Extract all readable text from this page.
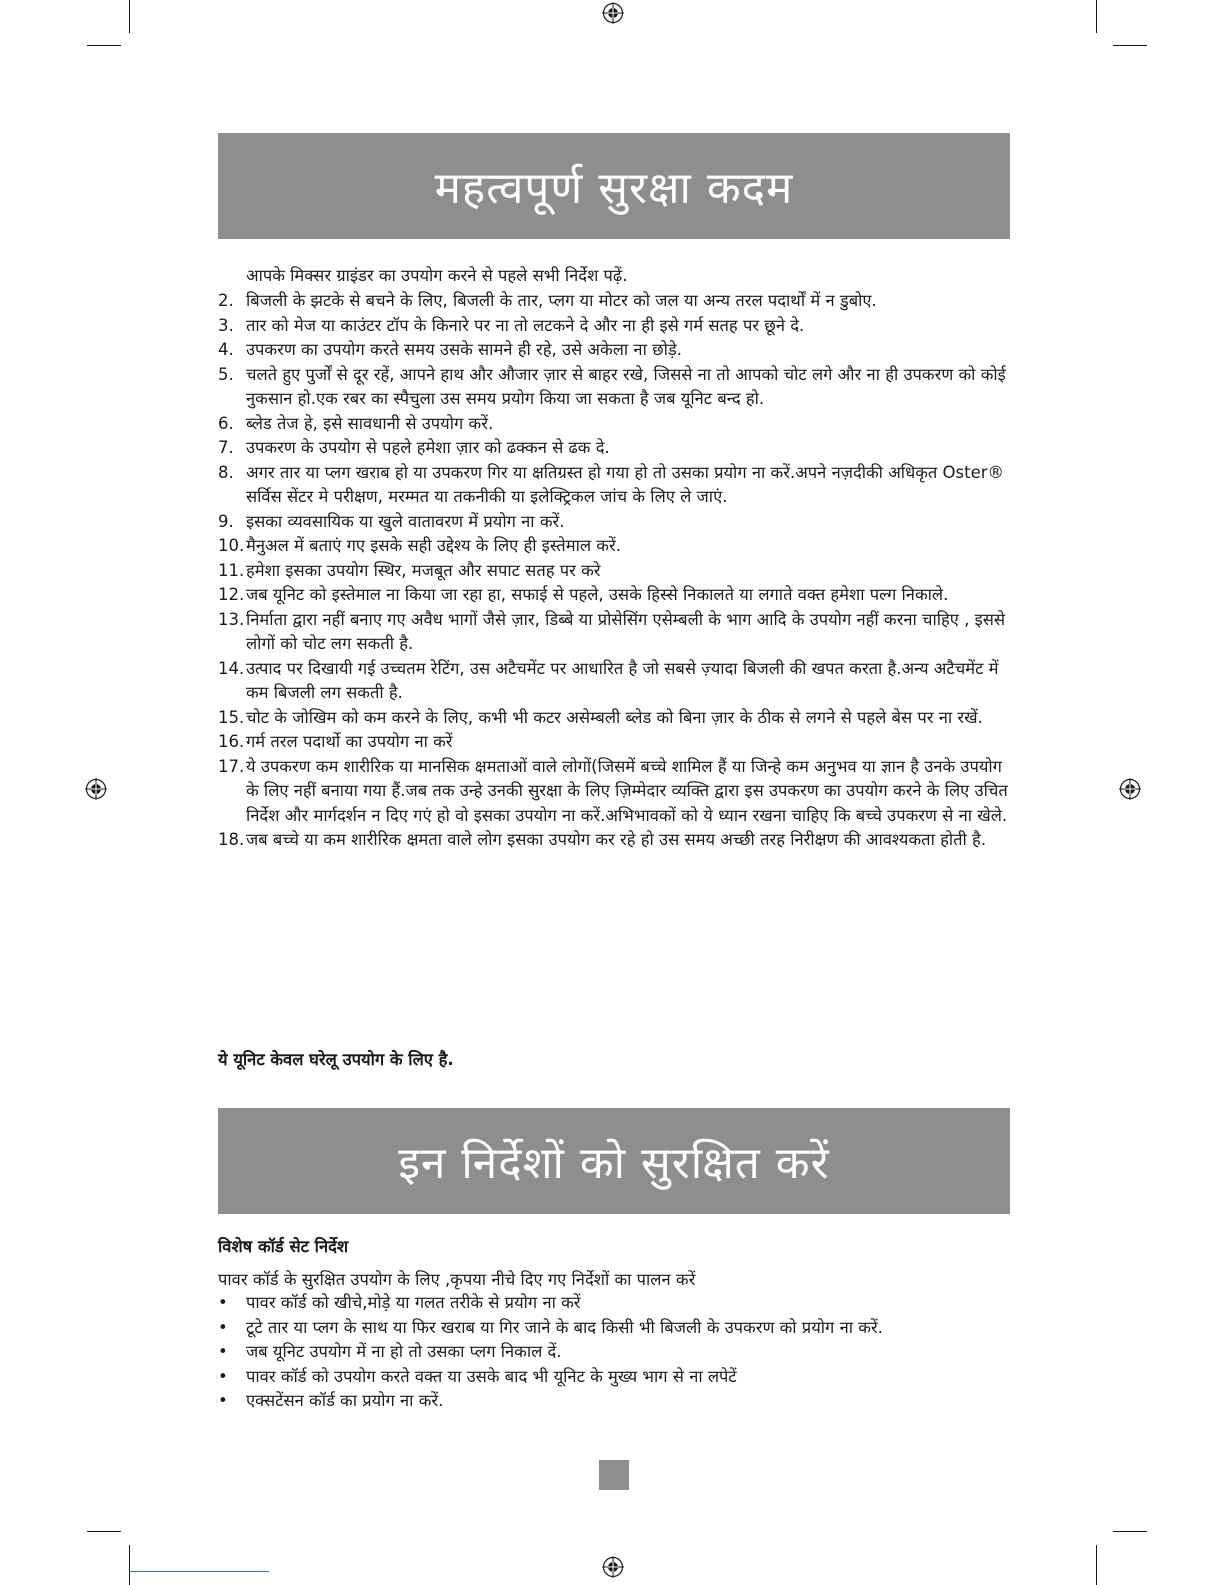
महत्वपूर्ण सुरक्षा कदम
आपके मिक्सर ग्राइंडर का उपयोग करने से पहले सभी निर्देश पढ़ें.
2. बिजली के झटके से बचने के लिए, बिजली के तार, प्लग या मोटर को जल या अन्य तरल पदार्थों में न डुबोए.
3. तार को मेज या काउंटर टॉप के किनारे पर ना तो लटकने दे और ना ही इसे गर्म सतह पर छूने दे.
4. उपकरण का उपयोग करते समय उसके सामने ही रहे, उसे अकेला ना छोड़े.
5. चलते हुए पुर्जों से दूर रहें, आपने हाथ और औजार ज़ार से बाहर रखे, जिससे ना तो आपको चोट लगे और ना ही उपकरण को कोई नुकसान हो.एक रबर का स्पैचुला उस समय प्रयोग किया जा सकता है जब यूनिट बन्द हो.
6. ब्लेड तेज हे, इसे सावधानी से उपयोग करें.
7. उपकरण के उपयोग से पहले हमेशा ज़ार को ढक्कन से ढक दे.
8. अगर तार या प्लग खराब हो या उपकरण गिर या क्षतिग्रस्त हो गया हो तो उसका प्रयोग ना करें.अपने नज़दीकी अधिकृत Oster® सर्विस सेंटर मे परीक्षण, मरम्मत या तकनीकी या इलेक्ट्रिकल जांच के लिए ले जाएं.
9. इसका व्यवसायिक या खुले वातावरण में प्रयोग ना करें.
10. मैनुअल में बताएं गए इसके सही उद्देश्य के लिए ही इस्तेमाल करें.
11. हमेशा इसका उपयोग स्थिर, मजबूत और सपाट सतह पर करे
12. जब यूनिट को इस्तेमाल ना किया जा रहा हा, सफाई से पहले, उसके हिस्से निकालते या लगाते वक्त हमेशा पल्ग निकाले.
13. निर्माता द्वारा नहीं बनाए गए अवैध भागों जैसे ज़ार, डिब्बे या प्रोसेसिंग एसेम्बली के भाग आदि के उपयोग नहीं करना चाहिए , इससे लोगों को चोट लग सकती है.
14. उत्पाद पर दिखायी गई उच्चतम रेटिंग, उस अटैचमेंट पर आधारित है जो सबसे ज़्यादा बिजली की खपत करता है.अन्य अटैचमेंट में कम बिजली लग सकती है.
15. चोट के जोखिम को कम करने के लिए, कभी भी कटर असेम्बली ब्लेड को बिना ज़ार के ठीक से लगने से पहले बेस पर ना रखें.
16. गर्म तरल पदार्थो का उपयोग ना करें
17. ये उपकरण कम शारीरिक या मानसिक क्षमताओं वाले लोगों(जिसमें बच्चे शामिल हैं या जिन्हे कम अनुभव या ज्ञान है उनके उपयोग के लिए नहीं बनाया गया हैं.जब तक उन्हे उनकी सुरक्षा के लिए ज़िम्मेदार व्यक्ति द्वारा इस उपकरण का उपयोग करने के लिए उचित निर्देश और मार्गदर्शन न दिए गएं हो वो इसका उपयोग ना करें.अभिभावकों को ये ध्यान रखना चाहिए कि बच्चे उपकरण से ना खेले.
18. जब बच्चे या कम शारीरिक क्षमता वाले लोग इसका उपयोग कर रहे हो उस समय अच्छी तरह निरीक्षण की आवश्यकता होती है.
ये यूनिट केवल घरेलू उपयोग के लिए है.
इन निर्देशों को सुरक्षित करें
विशेष कॉर्ड सेट निर्देश
पावर कॉर्ड के सुरक्षित उपयोग के लिए ,कृपया नीचे दिए गए निर्देशों का पालन करें
• पावर कॉर्ड को खीचे,मोड़े या गलत तरीके से प्रयोग ना करें
• टूटे तार या प्लग के साथ या फिर खराब या गिर जाने के बाद किसी भी बिजली के उपकरण को प्रयोग ना करें.
• जब यूनिट उपयोग में ना हो तो उसका प्लग निकाल दें.
• पावर कॉर्ड को उपयोग करते वक्त या उसके बाद भी यूनिट के मुख्य भाग से ना लपेटें
• एक्सटेंसन कॉर्ड का प्रयोग ना करें.
